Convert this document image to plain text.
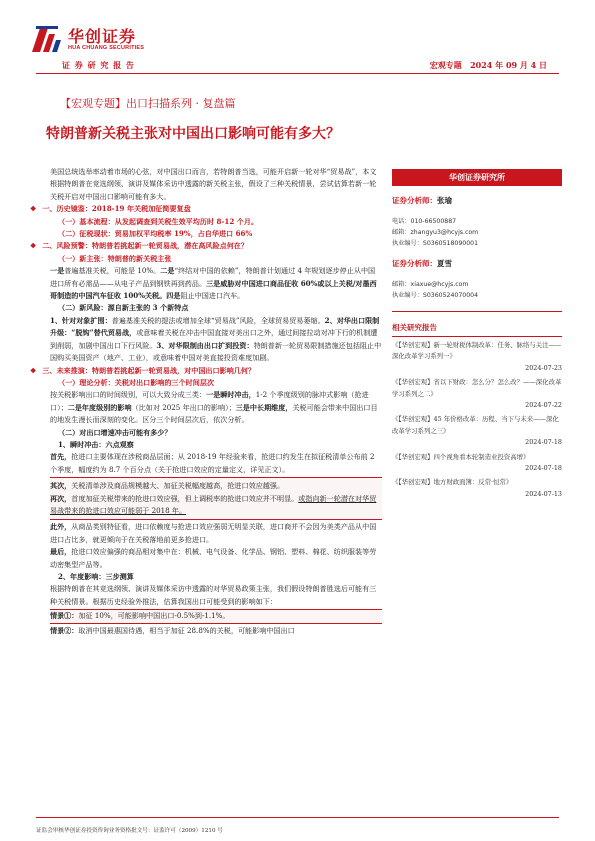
华创证券
HUA CHUANG SECURITIES
证 券 研 究 报 告	宏观专题 2024 年 09 月 4 日
【宏观专题】出口扫描系列 · 复盘篇
特朗普新关税主张对中国出口影响可能有多大？

美国总统选举率动着市场的心弦，对中国出口而言，若特朗普当选，可能开启新一轮对华“贸易战”，本文根据特朗普在竞选纲领、演讲及媒体采访中透露的新关税主张，假设了三种关税情景，尝试估算若新一轮关税开启对中国出口影响可能有多大。

❖ 一、历史镜鉴：2018-19 年关税加征简要复盘

（一）基本流程：从发起调查到关税生效平均历时 8-12 个月。

（二）征税现状：贸易加权平均税率 19%，占自华进口 66%

❖ 二、风险预警：特朗普若挑起新一轮贸易战，潜在高风险点何在？

（一）新主张：特朗普的新关税主张

一是普遍基准关税，可能是 10%。二是“终结对中国的依赖”，特朗普计划通过 4 年规划逐步停止从中国进口所有必需品——从电子产品到钢铁再到药品。三是威胁对中国进口商品征收 60%或以上关税/对墨西哥制造的中国汽车征收 100%关税。四是阻止中国进口汽车。

（二）新风险：源自新主张的 3 个新特点

1、针对对象扩围：普遍基准关税的提法或增加全球“贸易战”风险，全球贸易贸易萎缩。2、对华出口限制升级：“脱钩”替代贸易战，或意味着关税在冲击中国直接对美出口之外，通过间接拉动对冲下行的机制遭到削弱，加剧中国出口下行风险。3、对华限制由出口扩到投资：特朗普新一轮贸易限制措施还包括阻止中国购买美国资产（地产、工业），或意味着中国对美直接投资难度加剧。

❖ 三、未来推演：特朗普若挑起新一轮贸易战，对中国出口影响几何？

（一）理论分析：关税对出口影响的三个时间层次

按关税影响出口的时间级别，可以大致分成三类：一是瞬时冲击，1-2 个季度级别的脉冲式影响（抢进口）；二是年度级别的影响（比如对 2025 年出口的影响）；三是中长期维度，关税可能会带来中国出口目的地发生漫长而深刻的变化。区分三个时间层次后，依次分析。

（二）对出口增速冲击可能有多少？

1、瞬时冲击：六点观察

首先，抢进口主要体现在涉税商品层面；从 2018-19 年经验来看，抢进口约发生在拟征税清单公布前 2 个季度，幅度约为 8.7 个百分点（关于抢进口效应的定量定义，详见正文）。

其次，关税清单涉及商品规模越大、加征关税幅度越高，抢进口效应越强。

再次，首度加征关税带来的抢进口效应强，但上调税率的抢进口效应并不明显。或指向新一轮潜在对华贸易战带来的抢进口效应可能弱于 2018 年。

此外，从商品类别特征看，进口依赖度与抢进口效应强弱无明显关联，进口商并不会因为美类产品从中国进口占比多，就更倾向于在关税落地前更多抢进口。

最后，抢进口效应偏强的商品相对集中在：机械、电气设备、化学品、钢铝、塑料、棉花、纺织服装等劳动密集型产品等。

2、年度影响：三步测算

根据特朗普在其竞选纲领、演讲及媒体采访中透露的对华贸易政策主张，我们假设特朗普胜选后可能有三种关税情景。根据历史经验外推法，估算我国出口可能受到的影响如下：

情景①：加征 10%，可能影响中国出口-0.5%到-1.1%。

情景②：取消中国最惠国待遇，相当于加征 28.8%的关税，可能影响中国出口

华创证券研究所
证券分析师：张瑜
电话：010-66500887
邮箱：zhangyu3@hcyjs.com
执业编号：S0360518090001
证券分析师：夏雪
邮箱：xiaxue@hcyjs.com
执业编号：S0360524070004
相关研究报告
《【华创宏观】新一轮财税体制改革：任务、脉络与关注——深化改革学习系列一》
2024-07-23
《【华创宏观】省以下财政：怎么分？怎么改？——深化改革学习系列之二》
2024-07-22
《【华创宏观】45 年价格改革：历程、当下与未来——深化改革学习系列之三》
2024-07-18
《【华创宏观】四个视角看本轮制造业投资高增》
2024-07-18
《【华创宏观】地方财政面簿：反常·恒常》
2024-07-13
证监会审核华创证券投资咨询业务资格批文号：证监许可（2009）1210 号
